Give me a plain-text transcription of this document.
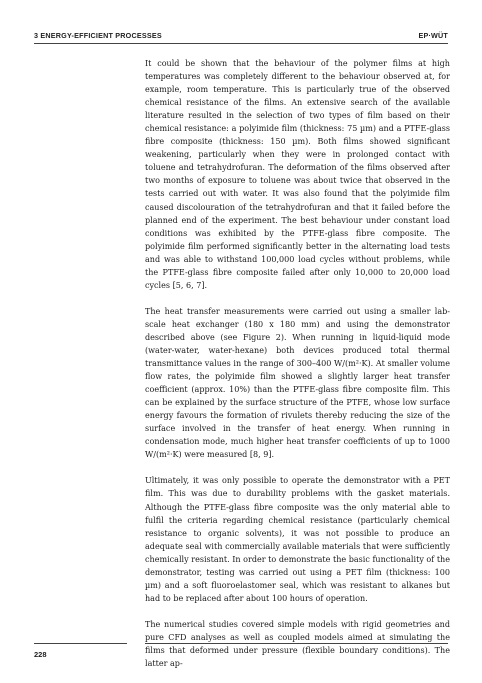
3 ENERGY-EFFICIENT PROCESSES	EP·WÜT

It could be shown that the behaviour of the polymer films at high temperatures was completely different to the behaviour observed at, for example, room temperature. This is particularly true of the observed chemical resistance of the films. An extensive search of the available literature resulted in the selection of two types of film based on their chemical resistance: a polyimide film (thickness: 75 µm) and a PTFE-glass fibre composite (thickness: 150 µm). Both films showed significant weakening, particularly when they were in prolonged contact with toluene and tetrahydrofuran. The deformation of the films observed after two months of exposure to toluene was about twice that observed in the tests carried out with water. It was also found that the polyimide film caused discolouration of the tetrahydrofuran and that it failed before the planned end of the experiment. The best behaviour under constant load conditions was exhibited by the PTFE-glass fibre composite. The polyimide film performed significantly better in the alternating load tests and was able to withstand 100,000 load cycles without problems, while the PTFE-glass fibre composite failed after only 10,000 to 20,000 load cycles [5, 6, 7].

The heat transfer measurements were carried out using a smaller lab-scale heat exchanger (180 x 180 mm) and using the demonstrator described above (see Figure 2). When running in liquid-liquid mode (water-water, water-hexane) both devices produced total thermal transmittance values in the range of 300–400 W/(m²·K). At smaller volume flow rates, the polyimide film showed a slightly larger heat transfer coefficient (approx. 10%) than the PTFE-glass fibre composite film. This can be explained by the surface structure of the PTFE, whose low surface energy favours the formation of rivulets thereby reducing the size of the surface involved in the transfer of heat energy. When running in condensation mode, much higher heat transfer coefficients of up to 1000 W/(m²·K) were measured [8, 9].

Ultimately, it was only possible to operate the demonstrator with a PET film. This was due to durability problems with the gasket materials. Although the PTFE-glass fibre composite was the only material able to fulfil the criteria regarding chemical resistance (particularly chemical resistance to organic solvents), it was not possible to produce an adequate seal with commercially available materials that were sufficiently chemically resistant. In order to demonstrate the basic functionality of the demonstrator, testing was carried out using a PET film (thickness: 100 µm) and a soft fluoroelastomer seal, which was resistant to alkanes but had to be replaced after about 100 hours of operation.

The numerical studies covered simple models with rigid geometries and pure CFD analyses as well as coupled models aimed at simulating the films that deformed under pressure (flexible boundary conditions). The latter ap-

228
